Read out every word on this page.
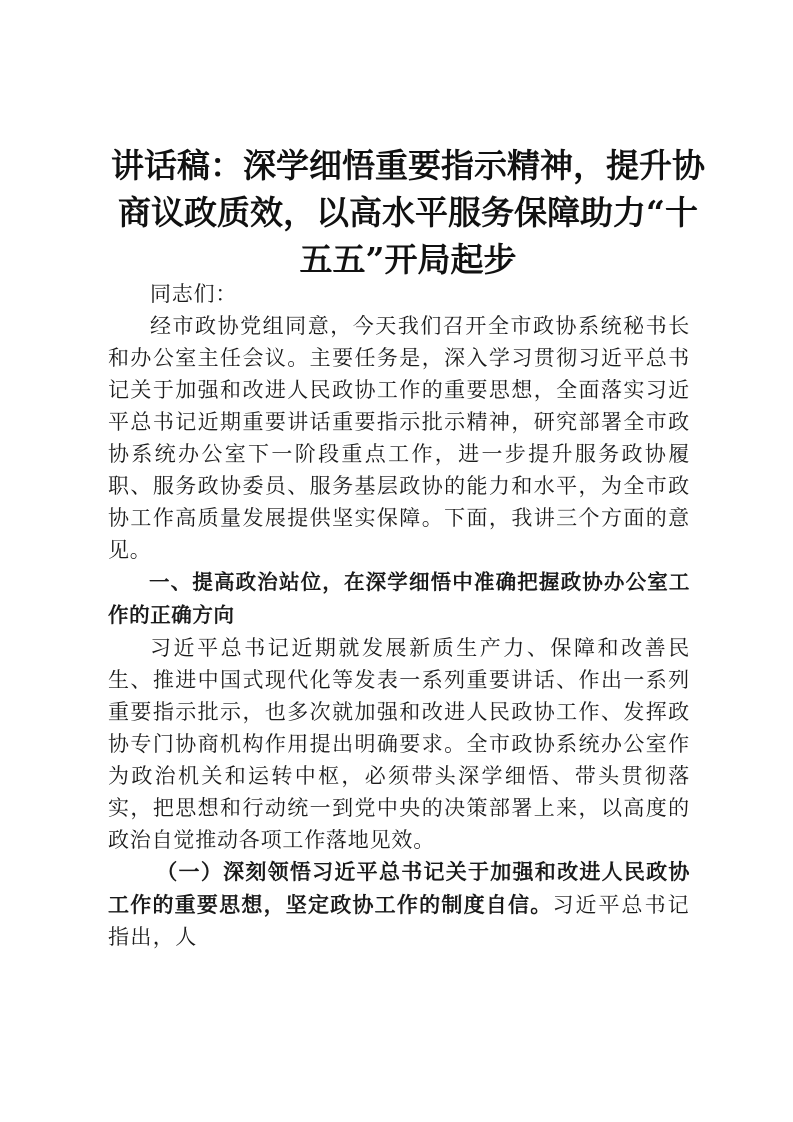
讲话稿：深学细悟重要指示精神，提升协商议政质效，以高水平服务保障助力“十五五”开局起步

同志们：

经市政协党组同意，今天我们召开全市政协系统秘书长和办公室主任会议。主要任务是，深入学习贯彻习近平总书记关于加强和改进人民政协工作的重要思想，全面落实习近平总书记近期重要讲话重要指示批示精神，研究部署全市政协系统办公室下一阶段重点工作，进一步提升服务政协履职、服务政协委员、服务基层政协的能力和水平，为全市政协工作高质量发展提供坚实保障。下面，我讲三个方面的意见。

一、提高政治站位，在深学细悟中准确把握政协办公室工作的正确方向

习近平总书记近期就发展新质生产力、保障和改善民生、推进中国式现代化等发表一系列重要讲话、作出一系列重要指示批示，也多次就加强和改进人民政协工作、发挥政协专门协商机构作用提出明确要求。全市政协系统办公室作为政治机关和运转中枢，必须带头深学细悟、带头贯彻落实，把思想和行动统一到党中央的决策部署上来，以高度的政治自觉推动各项工作落地见效。

（一）深刻领悟习近平总书记关于加强和改进人民政协工作的重要思想，坚定政协工作的制度自信。习近平总书记指出，人
